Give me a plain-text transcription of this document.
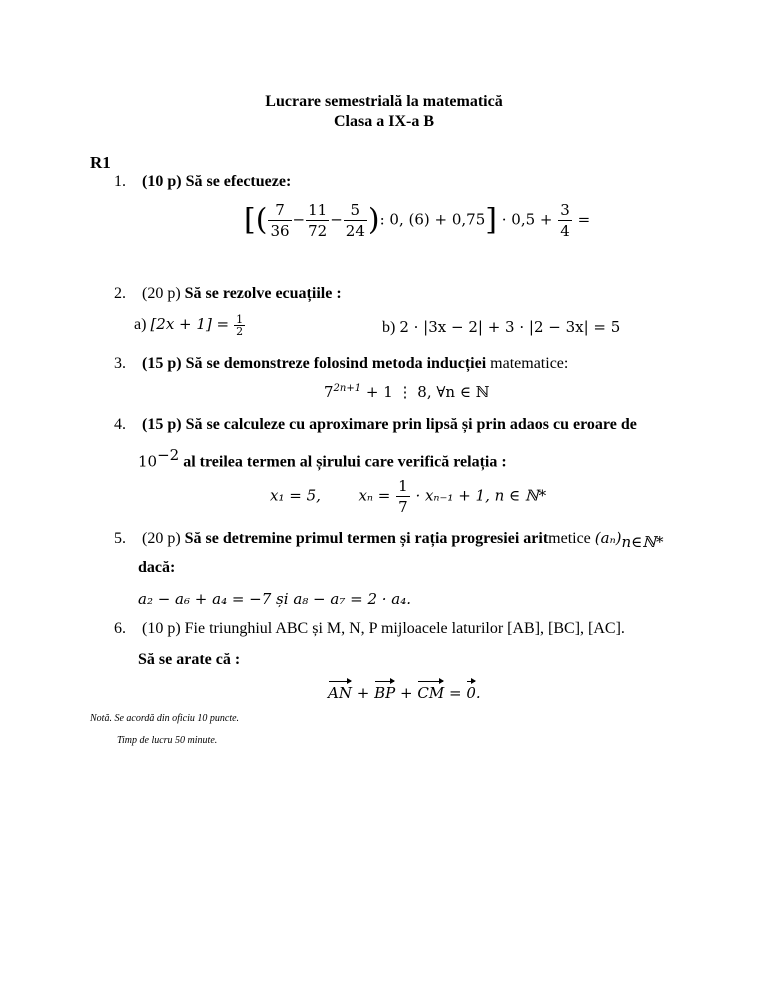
Lucrare semestrială la matematică
Clasa a IX-a B
R1
1. (10 p) Să se efectueze:
[( $\frac{7}{36} - \frac{11}{72} - \frac{5}{24}$ ): 0, $(6) + 0,75] \cdot 0,5 + \frac{3}{4}$ =
2. (20 p) Să se rezolve ecuațiile :
a) $[2x + 1] = \frac{1}{2}$	b) 2 · |3x − 2| + 3 · |2 − 3x| = 5
3. (15 p) Să se demonstreze folosind metoda inducției matematice:
$7^{2n+1} + 1$ ⋮ 8, ∀n ∈ ℕ
4. (15 p) Să se calculeze cu aproximare prin lipsă și prin adaos cu eroare de
$10^{-2}$ al treilea termen al șirului care verifică relația :
x₁ = 5,	$x_n = \frac{1}{7} \cdot x_{n-1} + 1$, n ∈ ℕ*
5. (20 p) Să se detremine primul termen și rația progresiei aritmetice $(a_n)_{n\in ℕ*}$
dacă:
a₂ − a₆ + a₄ = −7 și a₈ − a₇ = 2 · a₄.
6. (10 p) Fie triunghiul ABC și M, N, P mijloacele laturilor [AB], [BC], [AC].
Să se arate că :
AN + BP + CM = 0.
Notă. Se acordă din oficiu 10 puncte.
Timp de lucru 50 minute.
